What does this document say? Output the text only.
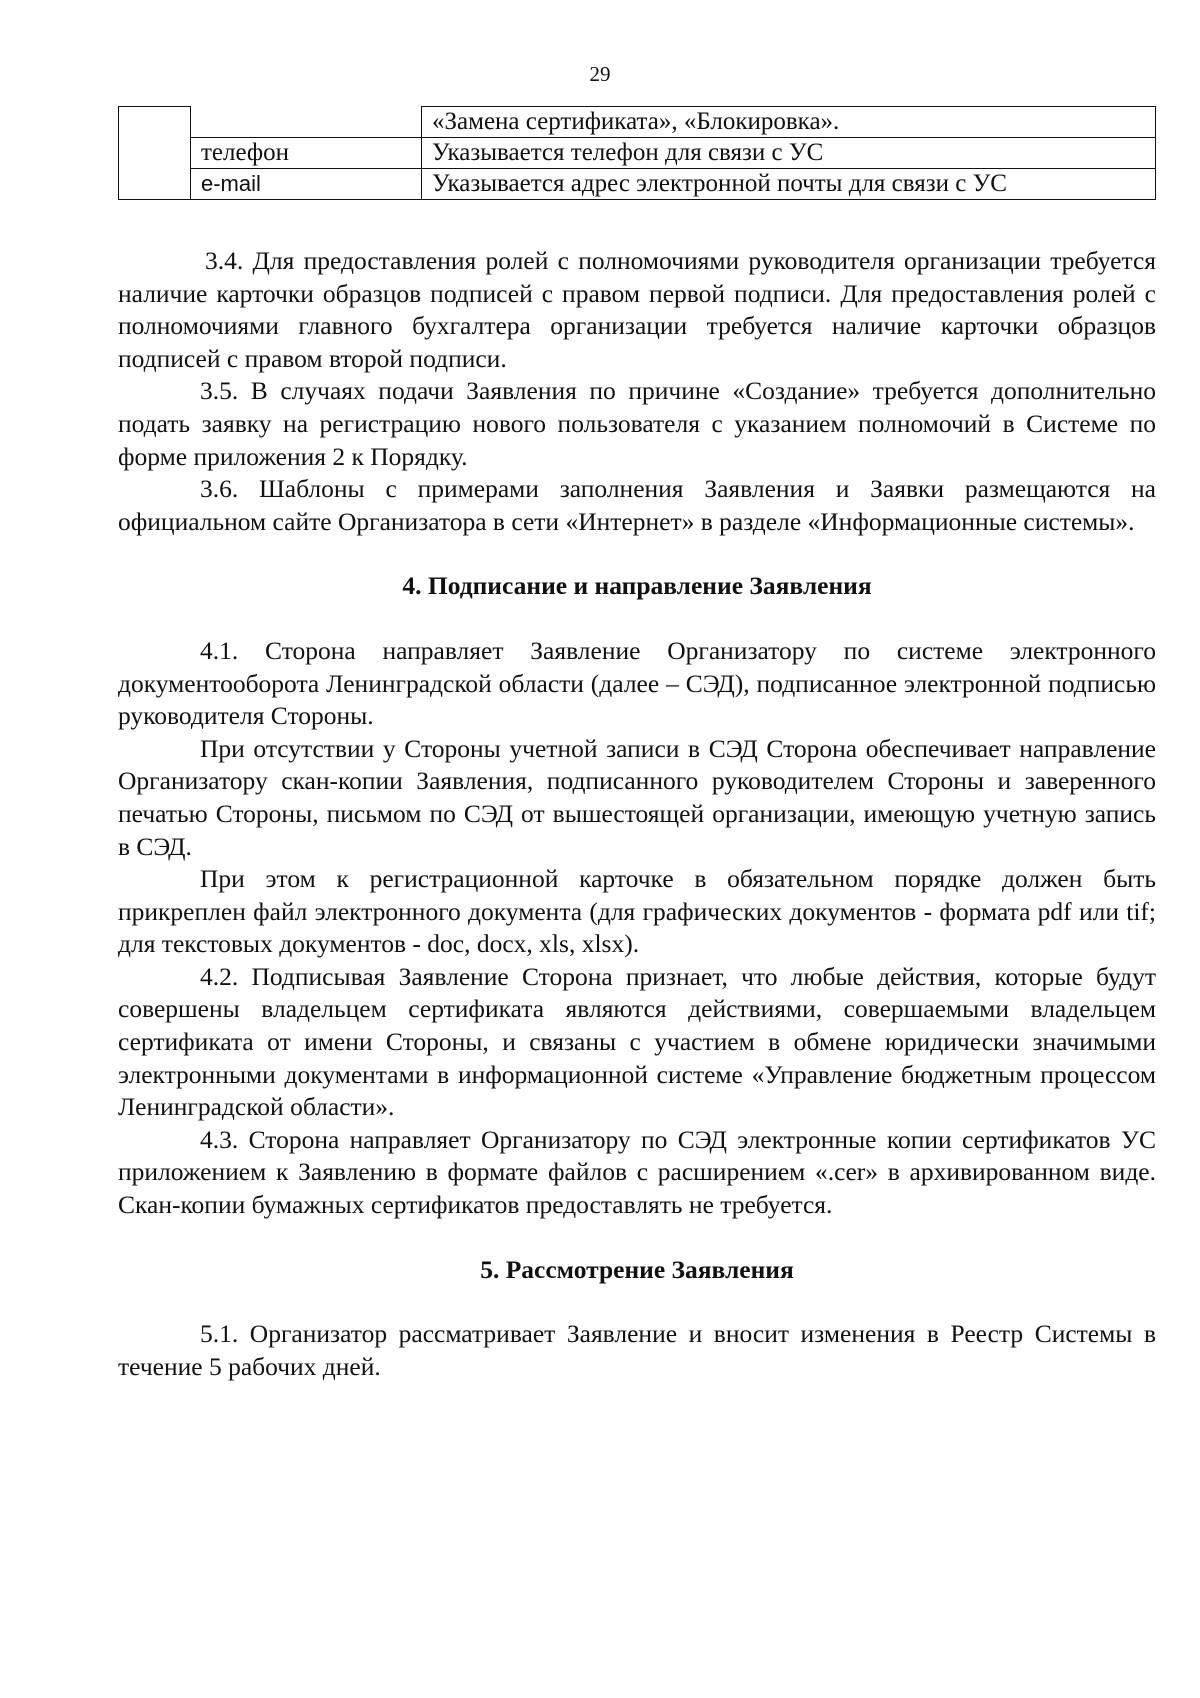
29
		«Замена сертификата», «Блокировка».
	телефон	Указывается телефон для связи с УС
	e-mail	Указывается адрес электронной почты для связи с УС

3.4. Для предоставления ролей с полномочиями руководителя организации требуется наличие карточки образцов подписей с правом первой подписи. Для предоставления ролей с полномочиями главного бухгалтера организации требуется наличие карточки образцов подписей с правом второй подписи.

3.5. В случаях подачи Заявления по причине «Создание» требуется дополнительно подать заявку на регистрацию нового пользователя с указанием полномочий в Системе по форме приложения 2 к Порядку.

3.6. Шаблоны с примерами заполнения Заявления и Заявки размещаются на официальном сайте Организатора в сети «Интернет» в разделе «Информационные системы».

4. Подписание и направление Заявления

4.1. Сторона направляет Заявление Организатору по системе электронного документооборота Ленинградской области (далее – СЭД), подписанное электронной подписью руководителя Стороны.

При отсутствии у Стороны учетной записи в СЭД Сторона обеспечивает направление Организатору скан-копии Заявления, подписанного руководителем Стороны и заверенного печатью Стороны, письмом по СЭД от вышестоящей организации, имеющую учетную запись в СЭД.

При этом к регистрационной карточке в обязательном порядке должен быть прикреплен файл электронного документа (для графических документов - формата pdf или tif; для текстовых документов - doc, docx, xls, xlsx).

4.2. Подписывая Заявление Сторона признает, что любые действия, которые будут совершены владельцем сертификата являются действиями, совершаемыми владельцем сертификата от имени Стороны, и связаны с участием в обмене юридически значимыми электронными документами в информационной системе «Управление бюджетным процессом Ленинградской области».

4.3. Сторона направляет Организатору по СЭД электронные копии сертификатов УС приложением к Заявлению в формате файлов с расширением «.cer» в архивированном виде. Скан-копии бумажных сертификатов предоставлять не требуется.

5. Рассмотрение Заявления

5.1. Организатор рассматривает Заявление и вносит изменения в Реестр Системы в течение 5 рабочих дней.
